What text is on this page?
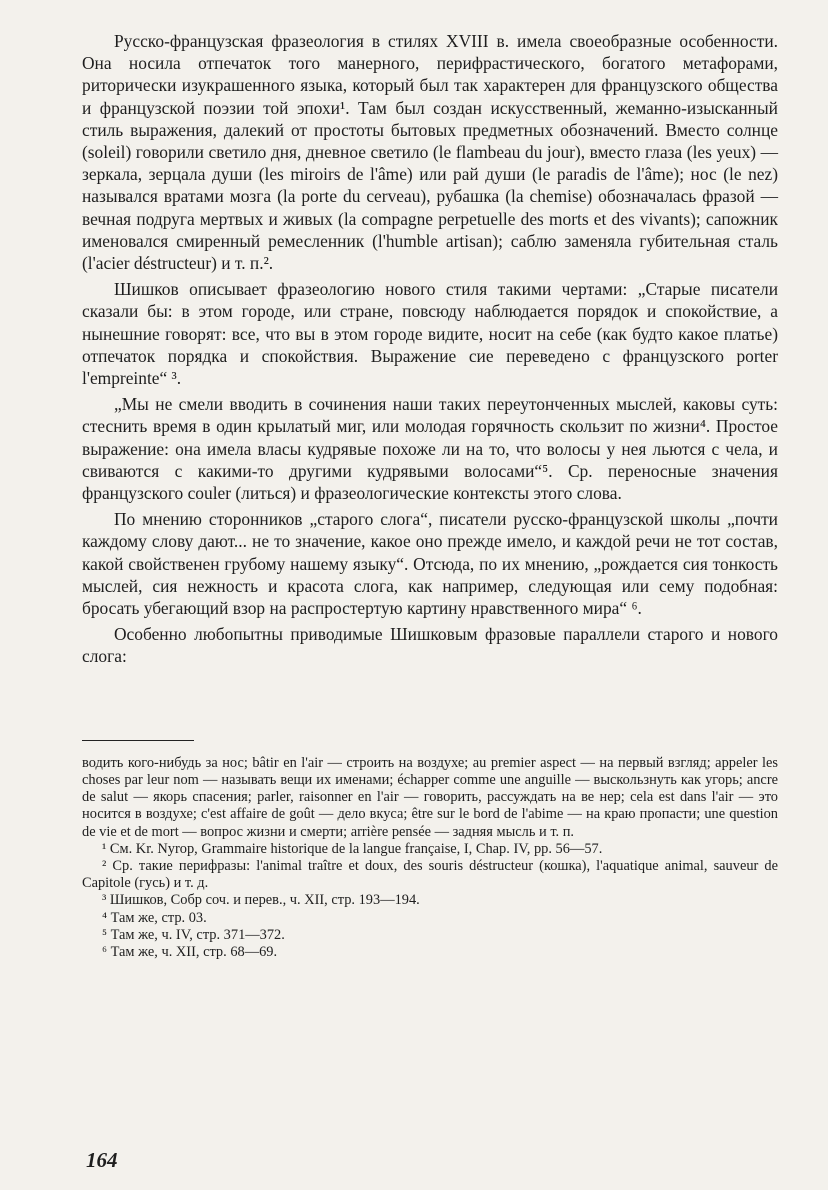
Русско-французская фразеология в стилях XVIII в. имела своеобразные особенности. Она носила отпечаток того манерного, перифрастического, богатого метафорами, риторически изукрашенного языка, который был так характерен для французского общества и французской поэзии той эпохи¹. Там был создан искусственный, жеманно-изысканный стиль выражения, далекий от простоты бытовых предметных обозначений. Вместо солнце (soleil) говорили светило дня, дневное светило (le flambeau du jour), вместо глаза (les yeux) — зеркала, зерцала души (les miroirs de l'âme) или рай души (le paradis de l'âme); нос (le nez) назывался вратами мозга (la porte du cerveau), рубашка (la chemise) обозначалась фразой — вечная подруга мертвых и живых (la compagne perpetuelle des morts et des vivants); сапожник именовался смиренный ремесленник (l'humble artisan); саблю заменяла губительная сталь (l'acier déstructeur) и т. п.².

Шишков описывает фразеологию нового стиля такими чертами: „Старые писатели сказали бы: в этом городе, или стране, повсюду наблюдается порядок и спокойствие, а нынешние говорят: все, что вы в этом городе видите, носит на себе (как будто какое платье) отпечаток порядка и спокойствия. Выражение сие переведено с французского porter l'empreinte“ ³.

„Мы не смели вводить в сочинения наши таких переутонченных мыслей, каковы суть: стеснить время в один крылатый миг, или молодая горячность скользит по жизни⁴. Простое выражение: она имела власы кудрявые похоже ли на то, что волосы у нея льются с чела, и свиваются с какими-то другими кудрявыми волосами“⁵. Ср. переносные значения французского couler (литься) и фразеологические контексты этого слова.

По мнению сторонников „старого слога“, писатели русско-французской школы „почти каждому слову дают... не то значение, какое оно прежде имело, и каждой речи не тот состав, какой свойственен грубому нашему языку“. Отсюда, по их мнению, „рождается сия тонкость мыслей, сия нежность и красота слога, как например, следующая или сему подобная: бросать убегающий взор на распростертую картину нравственного мира“ ⁶.

Особенно любопытны приводимые Шишковым фразовые параллели старого и нового слога:

водить кого-нибудь за нос; bâtir en l'air — строить на воздухе; au premier aspect — на первый взгляд; appeler les choses par leur nom — называть вещи их именами; échapper comme une anguille — выскользнуть как угорь; ancre de salut — якорь спасения; parler, raisonner en l'air — говорить, рассуждать на ве нер; cela est dans l'air — это носится в воздухе; c'est affaire de goût — дело вкуса; être sur le bord de l'abime — на краю пропасти; une question de vie et de mort — вопрос жизни и смерти; arrière pensée — задняя мысль и т. п.

¹ См. Kr. Nyrop, Grammaire historique de la langue française, I, Chap. IV, pp. 56—57.

² Ср. такие перифразы: l'animal traître et doux, des souris déstructeur (кошка), l'aquatique animal, sauveur de Capitole (гусь) и т. д.

³ Шишков, Собр соч. и перев., ч. XII, стр. 193—194.

⁴ Там же, стр. 03.

⁵ Там же, ч. IV, стр. 371—372.

⁶ Там же, ч. XII, стр. 68—69.

164
